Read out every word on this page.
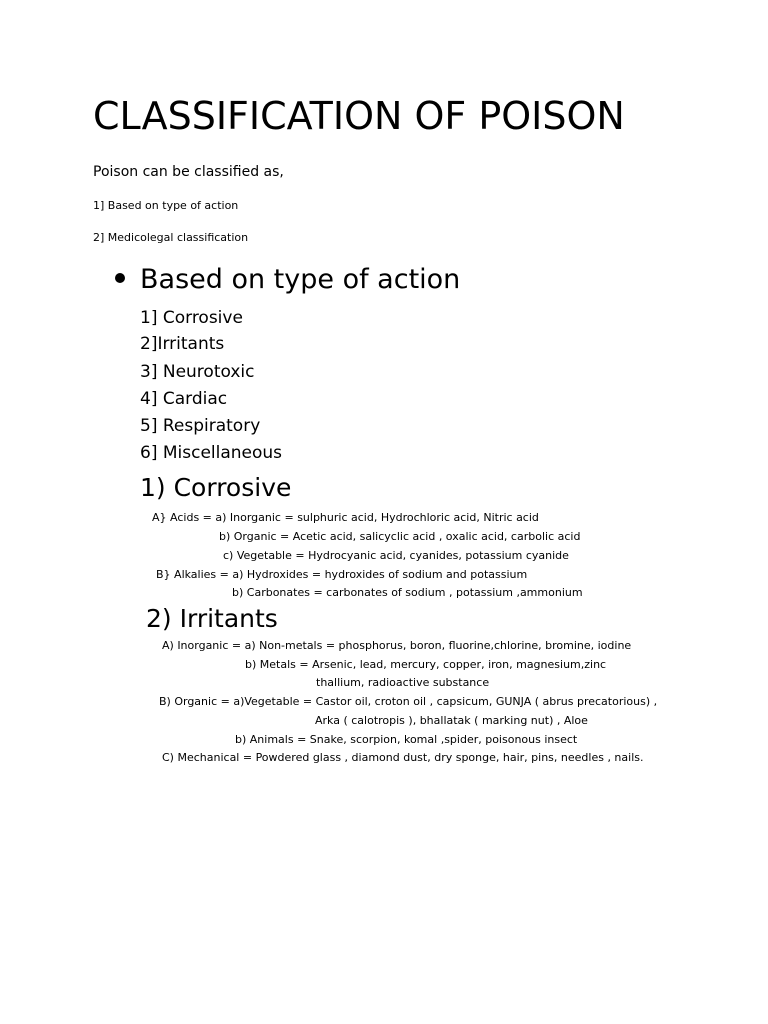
CLASSIFICATION OF POISON
Poison can be classified as,
1] Based on type of action
2] Medicolegal classification
Based on type of action
1] Corrosive
2]Irritants
3] Neurotoxic
4] Cardiac
5] Respiratory
6] Miscellaneous
1) Corrosive
A} Acids = a) Inorganic = sulphuric acid, Hydrochloric acid, Nitric acid
b) Organic = Acetic acid, salicyclic acid , oxalic acid, carbolic acid
c) Vegetable = Hydrocyanic acid, cyanides, potassium cyanide
B} Alkalies = a) Hydroxides = hydroxides of sodium and potassium
b) Carbonates = carbonates of sodium , potassium ,ammonium
2) Irritants
A) Inorganic = a) Non-metals = phosphorus, boron, fluorine,chlorine, bromine, iodine
b) Metals = Arsenic, lead, mercury, copper, iron, magnesium,zinc
thallium, radioactive substance
B) Organic = a)Vegetable = Castor oil, croton oil , capsicum, GUNJA ( abrus precatorious) ,
Arka ( calotropis ), bhallatak ( marking nut) , Aloe
b) Animals = Snake, scorpion, komal ,spider, poisonous insect
C) Mechanical = Powdered glass , diamond dust, dry sponge, hair, pins, needles , nails.
